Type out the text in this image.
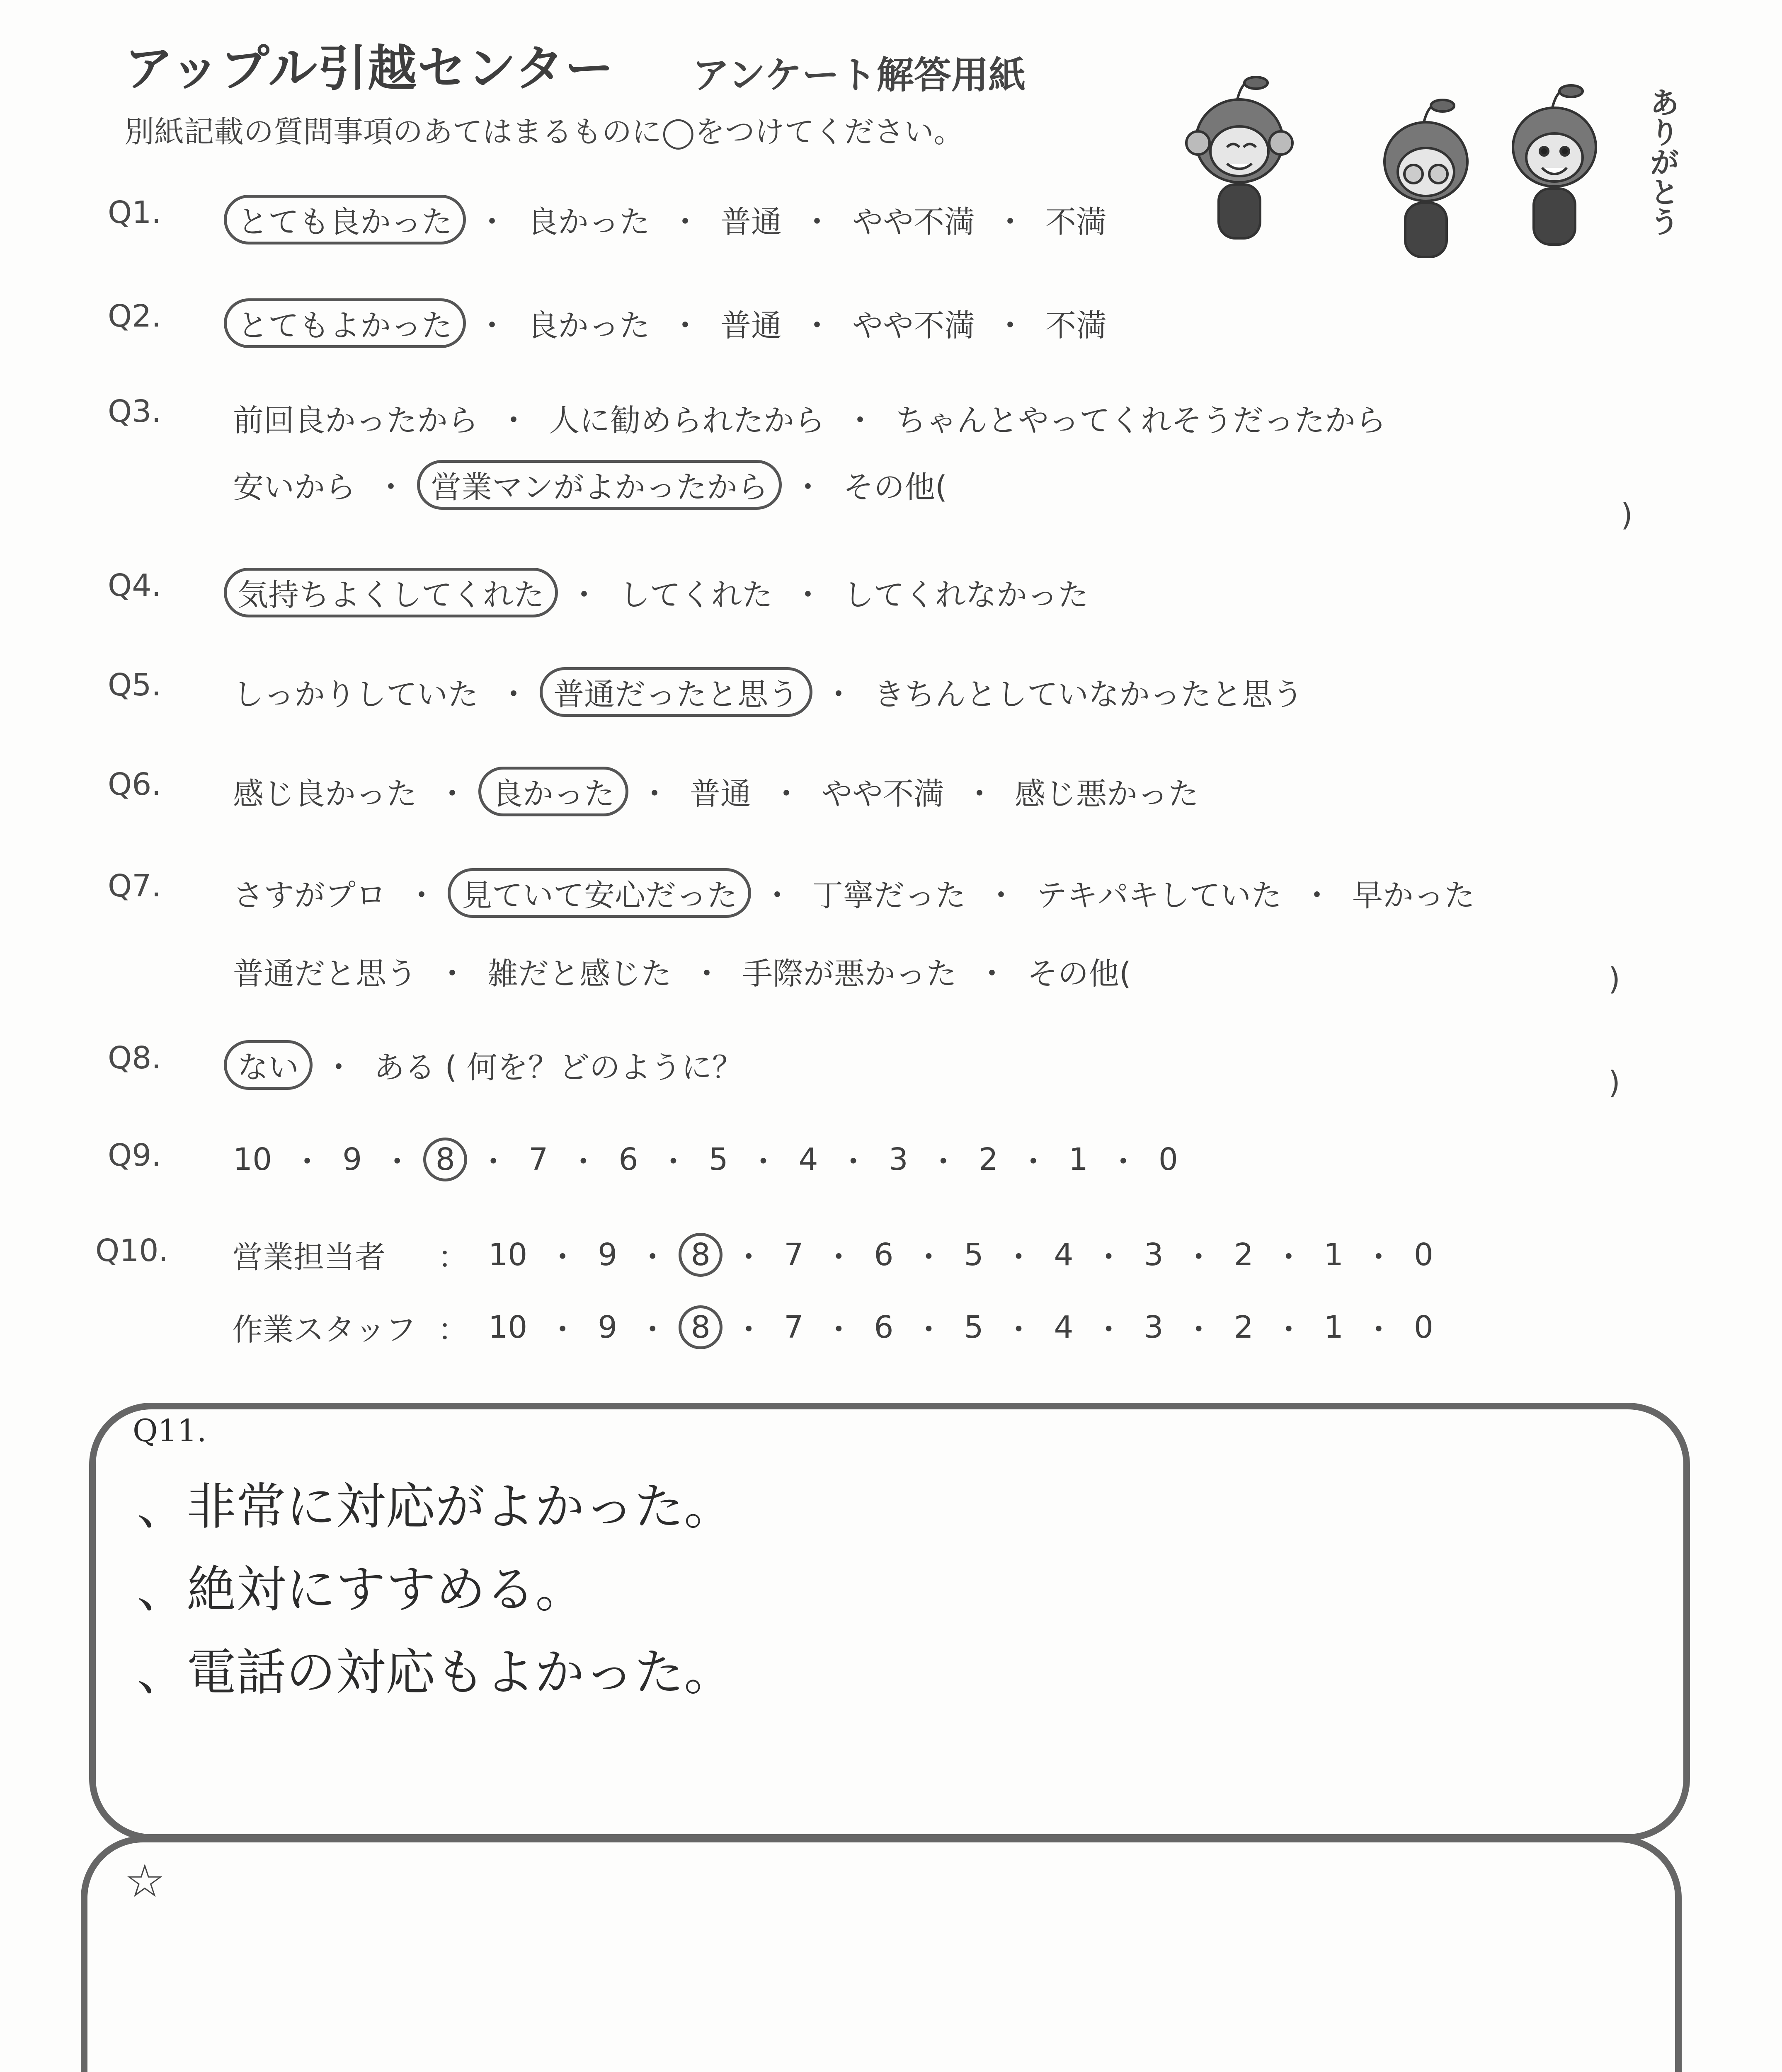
アップル引越センター アンケート解答用紙
別紙記載の質問事項のあてはまるものに◯をつけてください。	ありがとう
Q1.	とても良かった ・ 良かった ・ 普通 ・ やや不満 ・ 不満
Q2.	とてもよかった ・ 良かった ・ 普通 ・ やや不満 ・ 不満
Q3. 前回良かったから ・ 人に勧められたから ・ ちゃんとやってくれそうだったから
安いから ・ 営業マンがよかったから ・ その他(
Q4.	気持ちよくしてくれた ・ してくれた ・ してくれなかった
Q5. しっかりしていた ・ 普通だったと思う ・ きちんとしていなかったと思う
Q6. 感じ良かった ・ 良かった ・ 普通 ・ やや不満 ・ 感じ悪かった
Q7. さすがプロ ・ 見ていて安心だった ・ 丁寧だった ・ テキパキしていた ・ 早かった
普通だと思う ・ 雑だと感じた ・ 手際が悪かった ・ その他(
Q8.	ない ・ ある ( 何を？どのように？
Q9. 10 ・ 9 ・ 8 ・ 7 ・ 6 ・ 5 ・ 4 ・ 3 ・ 2 ・ 1 ・ 0
Q10. 営業担当者	： 10 ・ 9 ・ 8 ・ 7 ・ 6 ・ 5 ・ 4 ・ 3 ・ 2 ・ 1 ・ 0
作業スタッフ ： 10 ・ 9 ・ 8 ・ 7 ・ 6 ・ 5 ・ 4 ・ 3 ・ 2 ・ 1 ・ 0
)
)
)
Q11.
、非常に対応がよかった。
、絶対にすすめる。
、電話の対応もよかった。
☆
